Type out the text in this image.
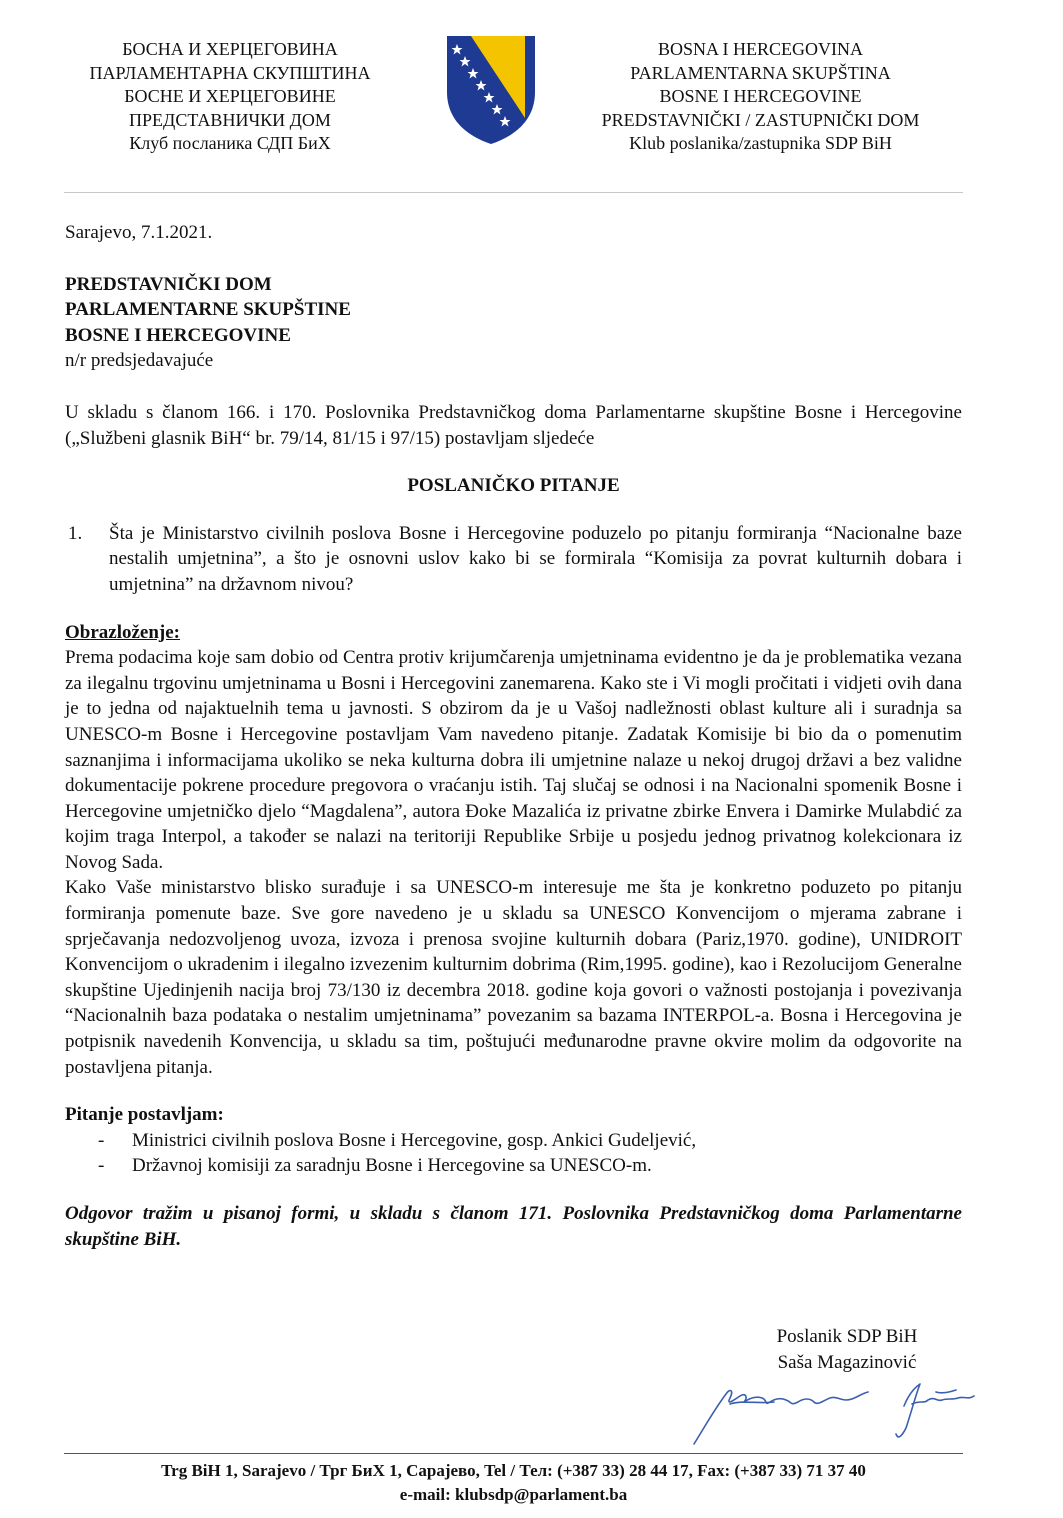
БОСНА И ХЕРЦЕГОВИНА
ПАРЛАМЕНТАРНА СКУПШТИНА
БОСНЕ И ХЕРЦЕГОВИНЕ
ПРЕДСТАВНИЧКИ ДОМ
Клуб посланика СДП БиХ
BOSNA I HERCEGOVINA
PARLAMENTARNA SKUPŠTINA
BOSNE I HERCEGOVINE
PREDSTAVNIČKI / ZASTUPNIČKI DOM
Klub poslanika/zastupnika SDP BiH

Sarajevo, 7.1.2021.

PREDSTAVNIČKI DOM
PARLAMENTARNE SKUPŠTINE
BOSNE I HERCEGOVINE
n/r predsjedavajuće

U skladu s članom 166. i 170. Poslovnika Predstavničkog doma Parlamentarne skupštine Bosne i Hercegovine („Službeni glasnik BiH“ br. 79/14, 81/15 i 97/15) postavljam sljedeće

POSLANIČKO PITANJE

1.	Šta je Ministarstvo civilnih poslova Bosne i Hercegovine poduzelo po pitanju formiranja “Nacionalne baze nestalih umjetnina”, a što je osnovni uslov kako bi se formirala “Komisija za povrat kulturnih dobara i umjetnina” na državnom nivou?
Obrazloženje:

Prema podacima koje sam dobio od Centra protiv krijumčarenja umjetninama evidentno je da je problematika vezana za ilegalnu trgovinu umjetninama u Bosni i Hercegovini zanemarena. Kako ste i Vi mogli pročitati i vidjeti ovih dana je to jedna od najaktuelnih tema u javnosti. S obzirom da je u Vašoj nadležnosti oblast kulture ali i suradnja sa UNESCO-m Bosne i Hercegovine postavljam Vam navedeno pitanje. Zadatak Komisije bi bio da o pomenutim saznanjima i informacijama ukoliko se neka kulturna dobra ili umjetnine nalaze u nekoj drugoj državi a bez validne dokumentacije pokrene procedure pregovora o vraćanju istih. Taj slučaj se odnosi i na Nacionalni spomenik Bosne i Hercegovine umjetničko djelo “Magdalena”, autora Đoke Mazalića iz privatne zbirke Envera i Damirke Mulabdić za kojim traga Interpol, a također se nalazi na teritoriji Republike Srbije u posjedu jednog privatnog kolekcionara iz Novog Sada.

Kako Vaše ministarstvo blisko surađuje i sa UNESCO-m interesuje me šta je konkretno poduzeto po pitanju formiranja pomenute baze. Sve gore navedeno je u skladu sa UNESCO Konvencijom o mjerama zabrane i sprječavanja nedozvoljenog uvoza, izvoza i prenosa svojine kulturnih dobara (Pariz,1970. godine), UNIDROIT Konvencijom o ukradenim i ilegalno izvezenim kulturnim dobrima (Rim,1995. godine), kao i Rezolucijom Generalne skupštine Ujedinjenih nacija broj 73/130 iz decembra 2018. godine koja govori o važnosti postojanja i povezivanja “Nacionalnih baza podataka o nestalim umjetninama” povezanim sa bazama INTERPOL-a. Bosna i Hercegovina je potpisnik navedenih Konvencija, u skladu sa tim, poštujući međunarodne pravne okvire molim da odgovorite na postavljena pitanja.

Pitanje postavljam:
-	Ministrici civilnih poslova Bosne i Hercegovine, gosp. Ankici Gudeljević,
-	Državnoj komisiji za saradnju Bosne i Hercegovine sa UNESCO-m.

Odgovor tražim u pisanoj formi, u skladu s članom 171. Poslovnika Predstavničkog doma Parlamentarne skupštine BiH.

Poslanik SDP BiH
Saša Magazinović
Trg BiH 1, Sarajevo / Трг БиХ 1, Сарајево, Tel / Тел: (+387 33) 28 44 17, Fax: (+387 33) 71 37 40
e-mail: klubsdp@parlament.ba
